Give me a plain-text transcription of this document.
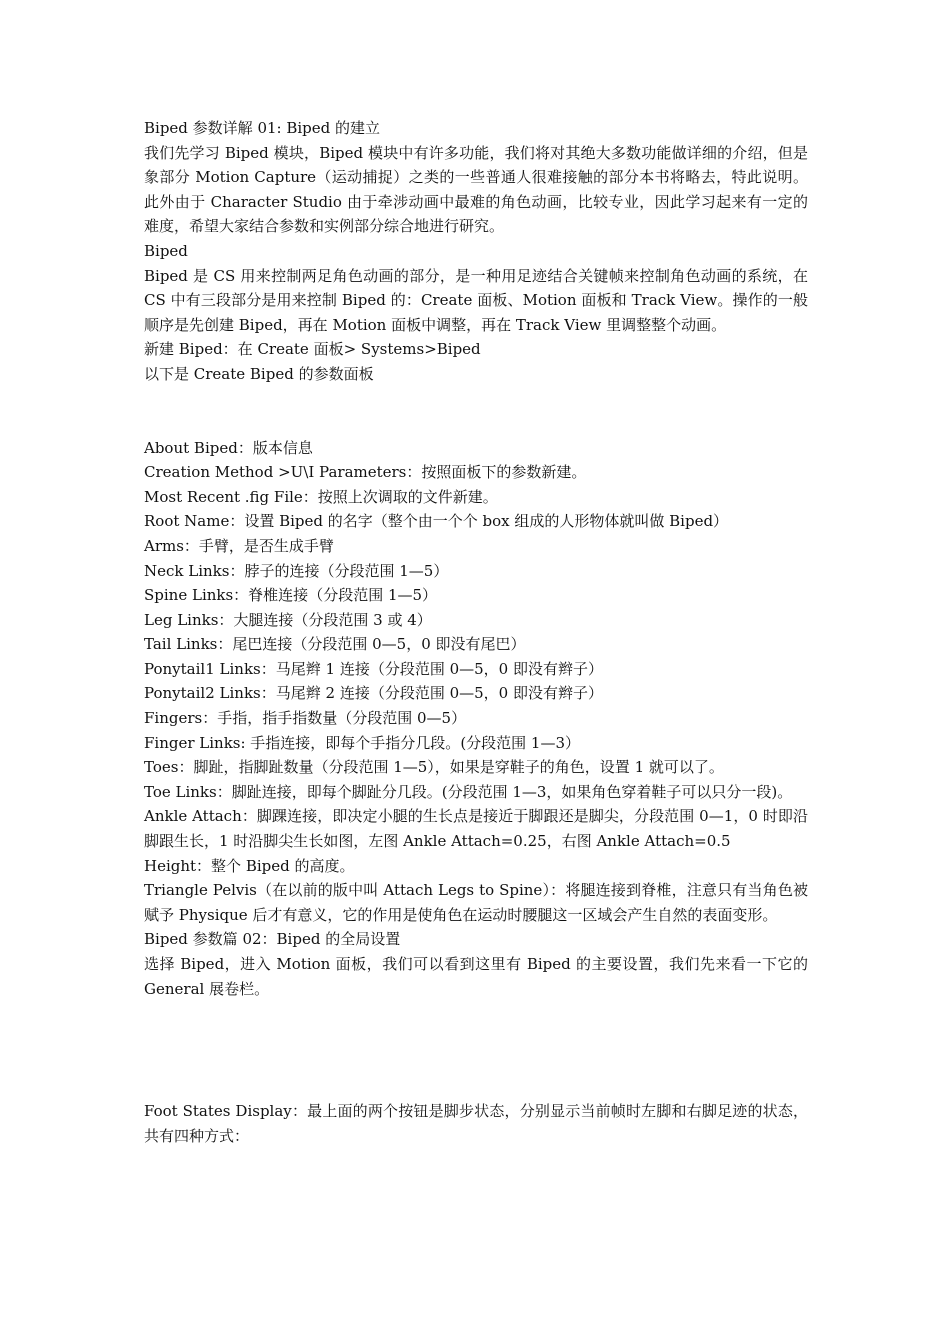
Biped 参数详解 01: Biped 的建立
我们先学习 Biped 模块，Biped 模块中有许多功能，我们将对其绝大多数功能做详细的介绍，但是象部分 Motion Capture（运动捕捉）之类的一些普通人很难接触的部分本书将略去，特此说明。此外由于 Character Studio 由于牵涉动画中最难的角色动画，比较专业，因此学习起来有一定的难度，希望大家结合参数和实例部分综合地进行研究。
Biped
Biped 是 CS 用来控制两足角色动画的部分，是一种用足迹结合关键帧来控制角色动画的系统，在 CS 中有三段部分是用来控制 Biped 的：Create 面板、Motion 面板和 Track View。操作的一般顺序是先创建 Biped，再在 Motion 面板中调整，再在 Track View 里调整整个动画。
新建 Biped：在 Create 面板> Systems>Biped
以下是 Create Biped 的参数面板
About Biped：版本信息
Creation Method >U\I Parameters：按照面板下的参数新建。
Most Recent .fig File：按照上次调取的文件新建。
Root Name：设置 Biped 的名字（整个由一个个 box 组成的人形物体就叫做 Biped）
Arms：手臂，是否生成手臂
Neck Links：脖子的连接（分段范围 1—5）
Spine Links：脊椎连接（分段范围 1—5）
Leg Links：大腿连接（分段范围 3 或 4）
Tail Links：尾巴连接（分段范围 0—5，0 即没有尾巴）
Ponytail1 Links：马尾辫 1 连接（分段范围 0—5，0 即没有辫子）
Ponytail2 Links：马尾辫 2 连接（分段范围 0—5，0 即没有辫子）
Fingers：手指，指手指数量（分段范围 0—5）
Finger Links: 手指连接，即每个手指分几段。(分段范围 1—3）
Toes：脚趾，指脚趾数量（分段范围 1—5），如果是穿鞋子的角色，设置 1 就可以了。
Toe Links：脚趾连接，即每个脚趾分几段。(分段范围 1—3，如果角色穿着鞋子可以只分一段)。
Ankle Attach：脚踝连接，即决定小腿的生长点是接近于脚跟还是脚尖，分段范围 0—1，0 时即沿脚跟生长，1 时沿脚尖生长如图，左图 Ankle Attach=0.25，右图 Ankle Attach=0.5
Height：整个 Biped 的高度。
Triangle Pelvis（在以前的版中叫 Attach Legs to Spine）：将腿连接到脊椎，注意只有当角色被赋予 Physique 后才有意义，它的作用是使角色在运动时腰腿这一区域会产生自然的表面变形。
Biped 参数篇 02：Biped 的全局设置
选择 Biped，进入 Motion 面板，我们可以看到这里有 Biped 的主要设置，我们先来看一下它的 General 展卷栏。
Foot States Display：最上面的两个按钮是脚步状态，分别显示当前帧时左脚和右脚足迹的状态，共有四种方式：
